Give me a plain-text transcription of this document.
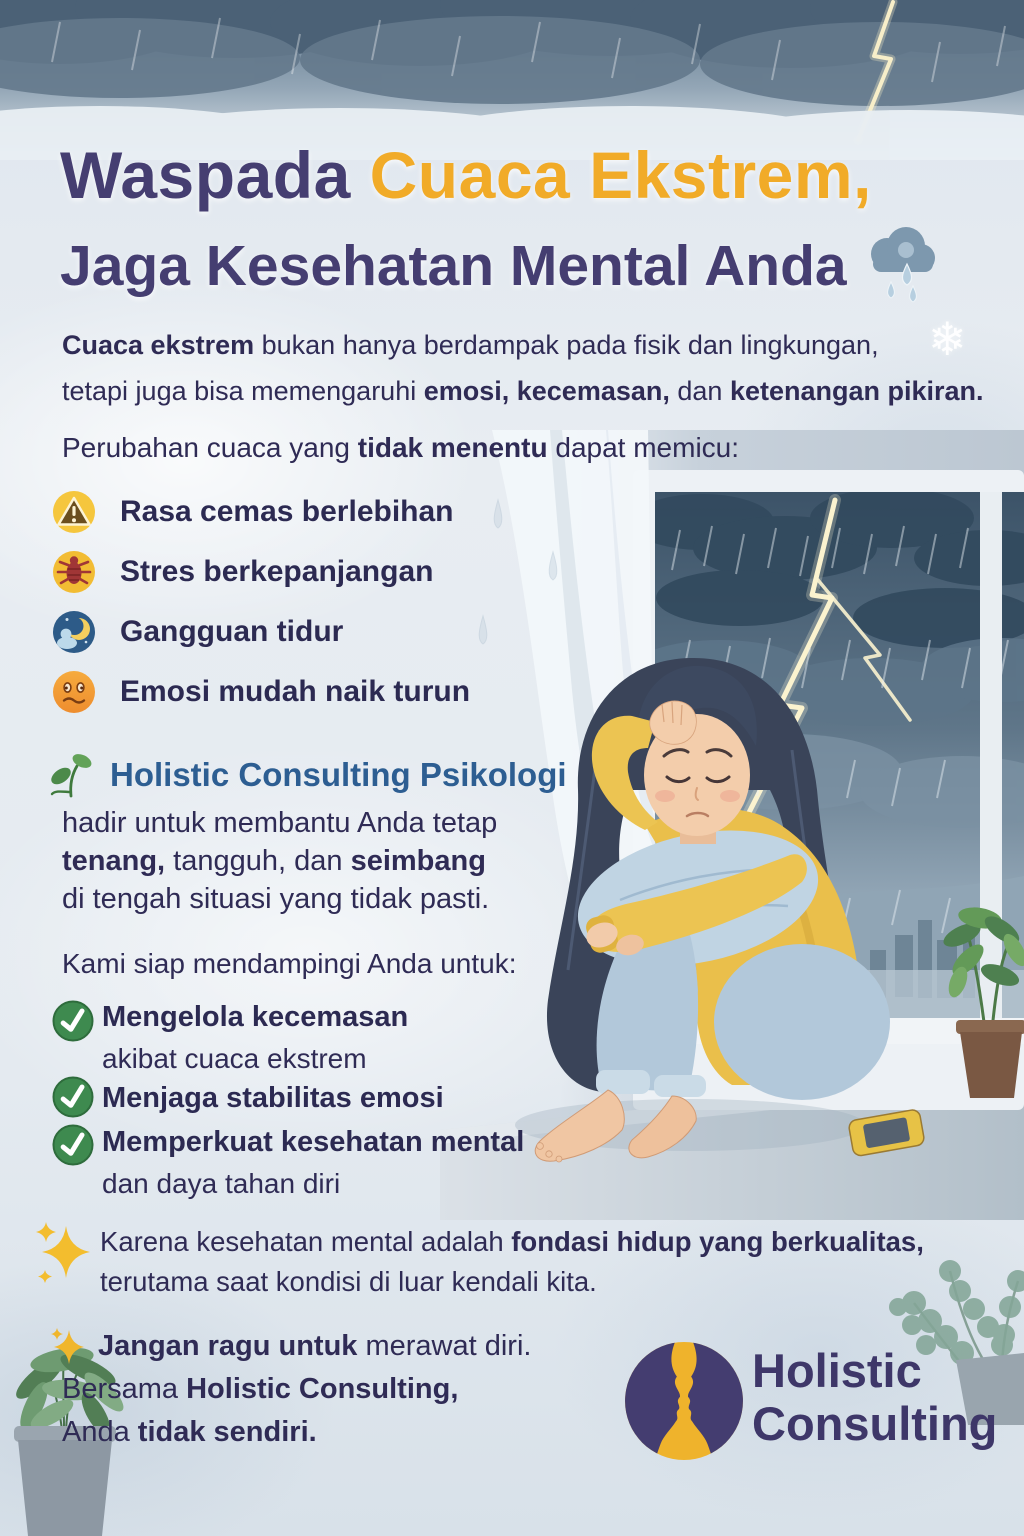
❄
Waspada Cuaca Ekstrem,
Jaga Kesehatan Mental Anda
Cuaca ekstrem bukan hanya berdampak pada fisik dan lingkungan,
tetapi juga bisa memengaruhi emosi, kecemasan, dan ketenangan pikiran.
Perubahan cuaca yang tidak menentu dapat memicu:
Rasa cemas berlebihan
Stres berkepanjangan
Gangguan tidur
Emosi mudah naik turun
Holistic Consulting Psikologi
hadir untuk membantu Anda tetap
tenang, tangguh, dan seimbang
di tengah situasi yang tidak pasti.
Kami siap mendampingi Anda untuk:
Mengelola kecemasan
akibat cuaca ekstrem
Menjaga stabilitas emosi
Memperkuat kesehatan mental
dan daya tahan diri
Karena kesehatan mental adalah fondasi hidup yang berkualitas,
terutama saat kondisi di luar kendali kita.
Jangan ragu untuk merawat diri.
Bersama Holistic Consulting,
Anda tidak sendiri.
Holistic
Consulting
